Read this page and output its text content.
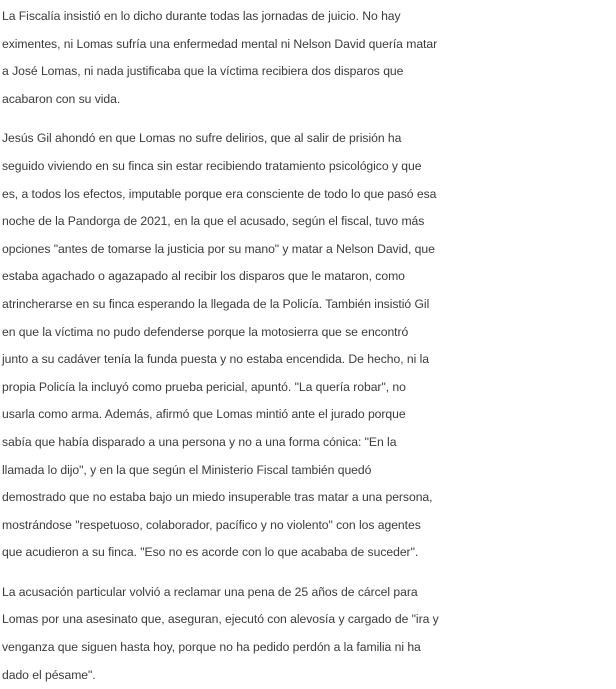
La Fiscalía insistió en lo dicho durante todas las jornadas de juicio. No hay
eximentes, ni Lomas sufría una enfermedad mental ni Nelson David quería matar
a José Lomas, ni nada justificaba que la víctima recibiera dos disparos que
acabaron con su vida.
Jesús Gil ahondó en que Lomas no sufre delirios, que al salir de prisión ha
seguido viviendo en su finca sin estar recibiendo tratamiento psicológico y que
es, a todos los efectos, imputable porque era consciente de todo lo que pasó esa
noche de la Pandorga de 2021, en la que el acusado, según el fiscal, tuvo más
opciones "antes de tomarse la justicia por su mano" y matar a Nelson David, que
estaba agachado o agazapado al recibir los disparos que le mataron, como
atrincherarse en su finca esperando la llegada de la Policía. También insistió Gil
en que la víctima no pudo defenderse porque la motosierra que se encontró
junto a su cadáver tenía la funda puesta y no estaba encendida. De hecho, ni la
propia Policía la incluyó como prueba pericial, apuntó. "La quería robar", no
usarla como arma. Además, afirmó que Lomas mintió ante el jurado porque
sabía que había disparado a una persona y no a una forma cónica: "En la
llamada lo dijo", y en la que según el Ministerio Fiscal también quedó
demostrado que no estaba bajo un miedo insuperable tras matar a una persona,
mostrándose "respetuoso, colaborador, pacífico y no violento" con los agentes
que acudieron a su finca. "Eso no es acorde con lo que acababa de suceder".
La acusación particular volvió a reclamar una pena de 25 años de cárcel para
Lomas por una asesinato que, aseguran, ejecutó con alevosía y cargado de "ira y
venganza que siguen hasta hoy, porque no ha pedido perdón a la familia ni ha
dado el pésame".
